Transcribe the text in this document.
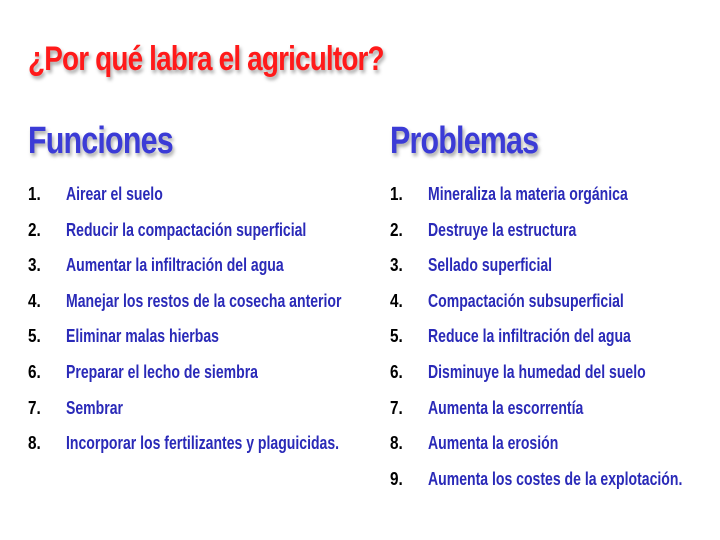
¿Por qué labra el agricultor?
Funciones
1.	Airear el suelo
2.	Reducir la compactación superficial
3.	Aumentar la infiltración del agua
4.	Manejar los restos de la cosecha anterior
5.	Eliminar malas hierbas
6.	Preparar el lecho de siembra
7.	Sembrar
8.	Incorporar los fertilizantes y plaguicidas.
Problemas
1.	Mineraliza la materia orgánica
2.	Destruye la estructura
3.	Sellado superficial
4.	Compactación subsuperficial
5.	Reduce la infiltración del agua
6.	Disminuye la humedad del suelo
7.	Aumenta la escorrentía
8.	Aumenta la erosión
9.	Aumenta los costes de la explotación.
